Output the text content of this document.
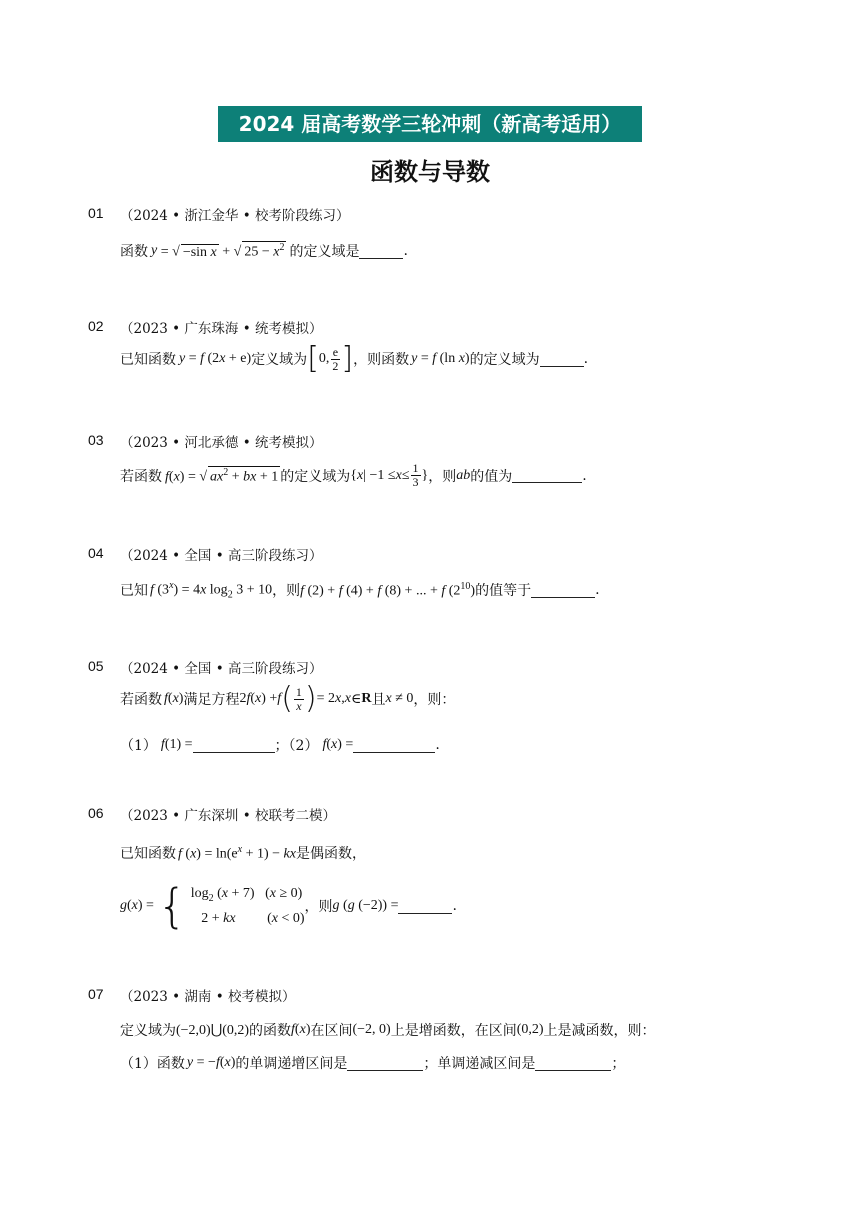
2024 届高考数学三轮冲刺（新高考适用）
函数与导数
01 （2024 • 浙江金华 • 校考阶段练习）
函数 y = √ −sin x + √ $25 - x^2$ 的定义域是	.
02 （2023 • 广东珠海 • 统考模拟）
已知函数 y = f (2x + e) 定义域为 [ 0, $\frac{e}{2}$ ] ，则函数 y = f (ln x) 的定义域为	.
03 （2023 • 河北承德 • 统考模拟）
若函数 f(x) = √ $ax^2$ + bx + 1 的定义域为 { x | $-1 \le x \le \frac{1}{3}$ } ，则 ab 的值为	.
04 （2024 • 全国 • 高三阶段练习）
已知 f $(3^x) = 4x$ $\log_2 3 + 10$ ，则 f (2) + f (4) + f (8) + ... + f $(2^{10})$ 的值等于	.
05 （2024 • 全国 • 高三阶段练习）
若函数 f(x) 满足方程 2 f ( x ) + f ( $\frac{1}{x}$ ) = 2 x , x ∈ R 且 x ≠ 0 ，则：
（1） f(1) =	；（2） f(x) =	.
06 （2023 • 广东深圳 • 校联考二模）
已知函数 f $(x) = \ln(e^x + 1)$ − kx 是偶函数，
g ( x ) = { $\log_2 (x + 7) (x \ge 0)$
2 + kx         (x < 0)
，则 g (g (−2)) =	.
07 （2023 • 湖南 • 校考模拟）
定义域为 (−2,0)⋃(0,2) 的函数 f(x) 在区间 (−2, 0) 上是增函数，在区间 (0,2) 上是减函数，则：
（1）函数 y = −f(x) 的单调递增区间是	；单调递减区间是	；
